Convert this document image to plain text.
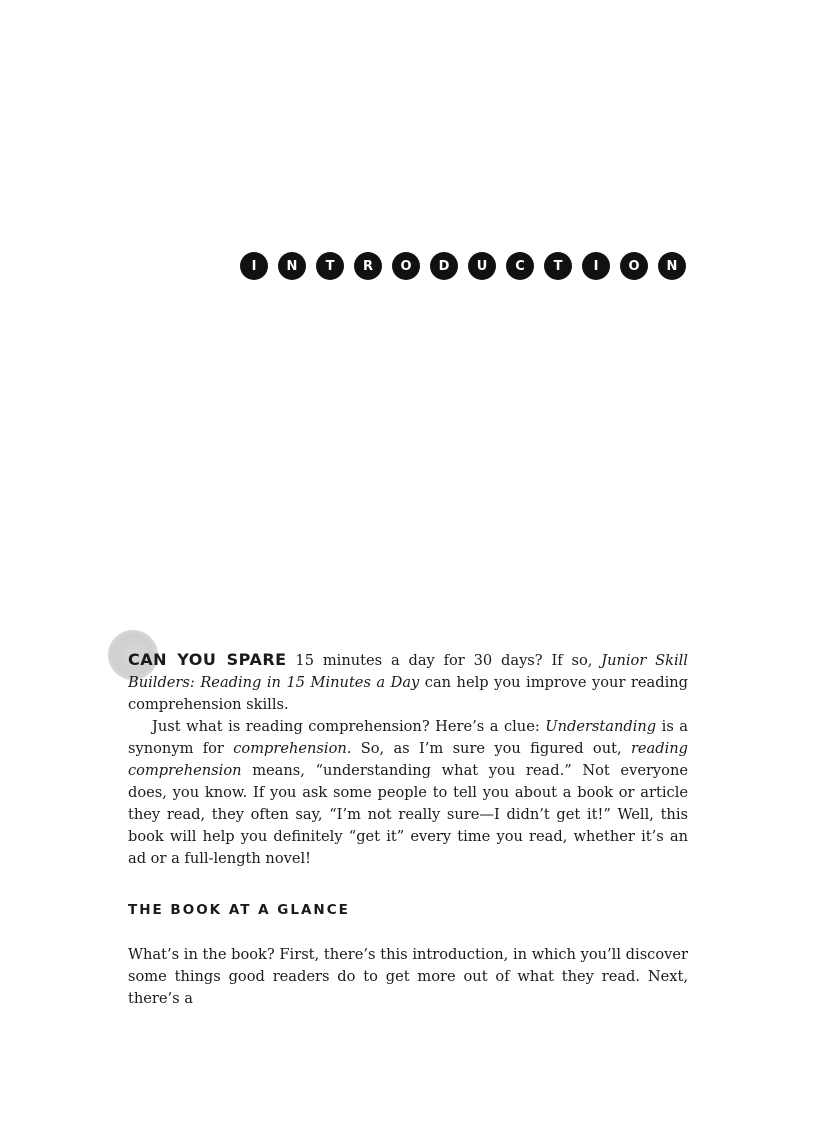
I	N	T	R	O	D	U	C	T	I	O	N

CAN YOU SPARE 15 minutes a day for 30 days? If so, Junior Skill Builders: Reading in 15 Minutes a Day can help you improve your reading comprehension skills.

Just what is reading comprehension? Here’s a clue: Understanding is a synonym for comprehension. So, as I’m sure you figured out, reading comprehension means, “understanding what you read.” Not everyone does, you know. If you ask some people to tell you about a book or article they read, they often say, “I’m not really sure—I didn’t get it!” Well, this book will help you definitely “get it” every time you read, whether it’s an ad or a full-length novel!

THE BOOK AT A GLANCE

What’s in the book? First, there’s this introduction, in which you’ll discover some things good readers do to get more out of what they read. Next, there’s a
